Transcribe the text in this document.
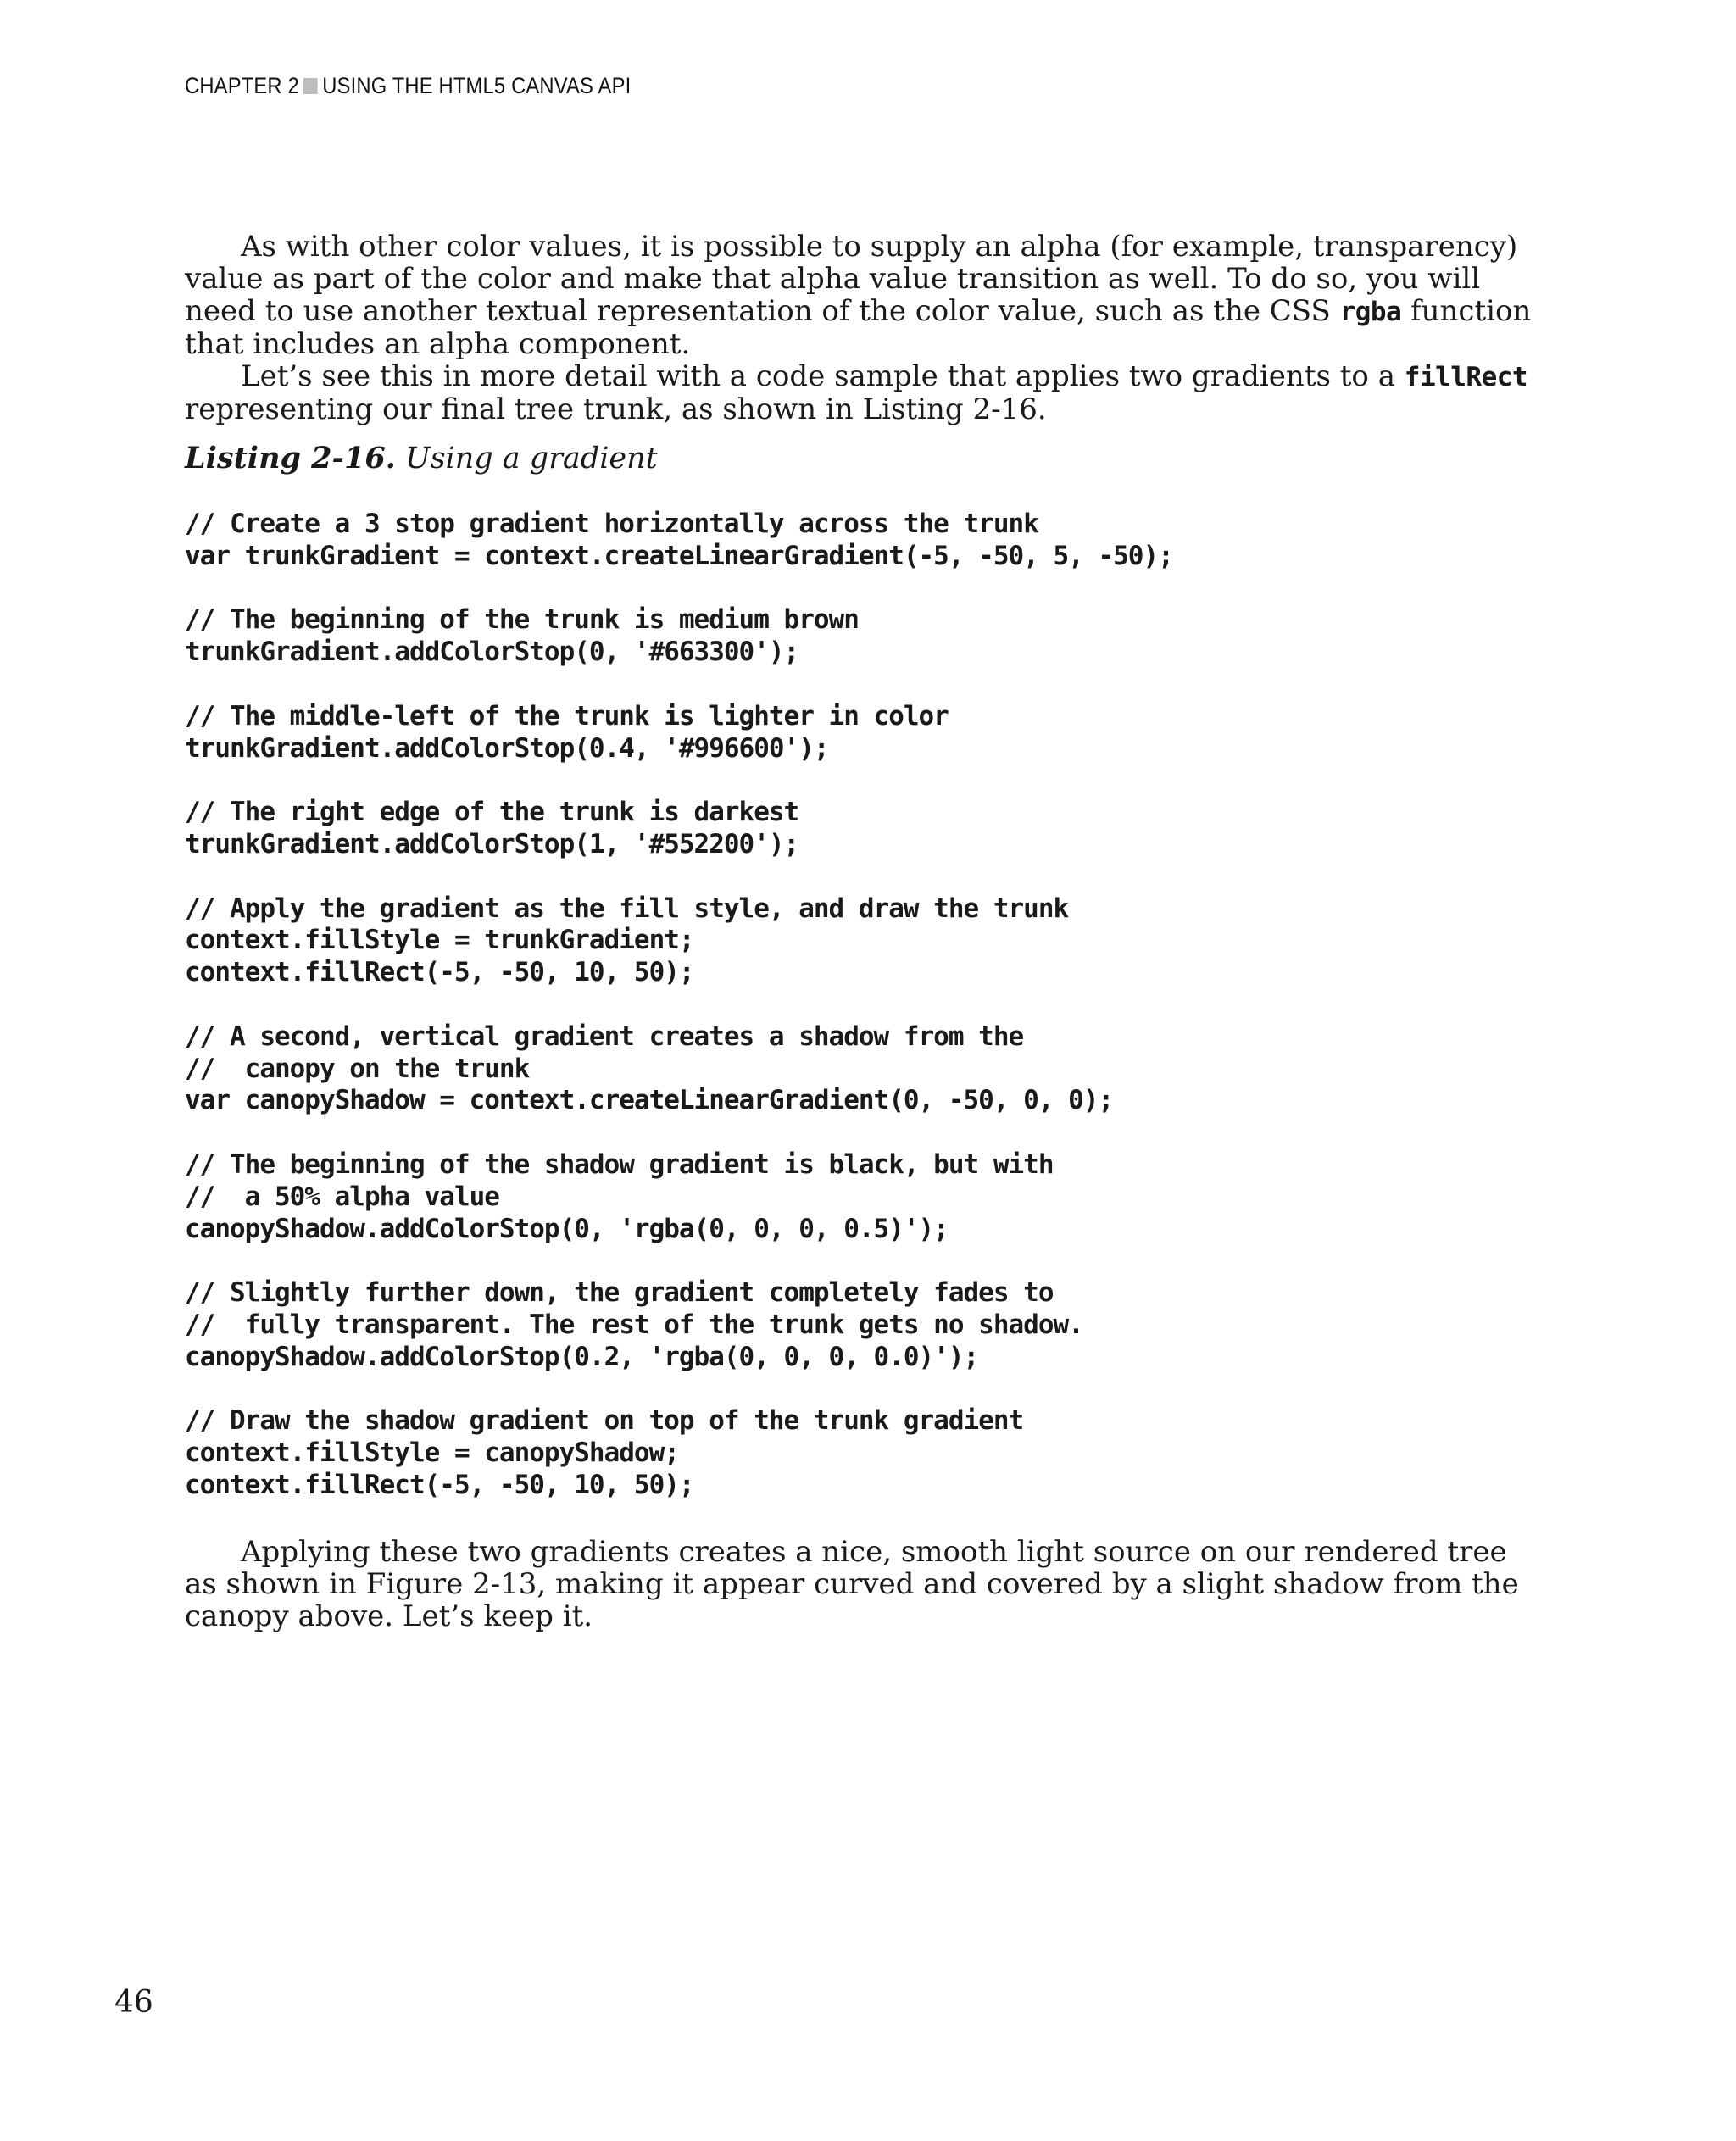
CHAPTER 2 USING THE HTML5 CANVAS API

As with other color values, it is possible to supply an alpha (for example, transparency) value as part of the color and make that alpha value transition as well. To do so, you will need to use another textual representation of the color value, such as the CSS rgba function that includes an alpha component.

Let’s see this in more detail with a code sample that applies two gradients to a fillRect representing our final tree trunk, as shown in Listing 2-16.

Listing 2-16. Using a gradient
// Create a 3 stop gradient horizontally across the trunk
var trunkGradient = context.createLinearGradient(-5, -50, 5, -50);
// The beginning of the trunk is medium brown
trunkGradient.addColorStop(0, '#663300');
// The middle-left of the trunk is lighter in color
trunkGradient.addColorStop(0.4, '#996600');
// The right edge of the trunk is darkest
trunkGradient.addColorStop(1, '#552200');
// Apply the gradient as the fill style, and draw the trunk
context.fillStyle = trunkGradient;
context.fillRect(-5, -50, 10, 50);
// A second, vertical gradient creates a shadow from the
//  canopy on the trunk
var canopyShadow = context.createLinearGradient(0, -50, 0, 0);
// The beginning of the shadow gradient is black, but with
//  a 50% alpha value
canopyShadow.addColorStop(0, 'rgba(0, 0, 0, 0.5)');
// Slightly further down, the gradient completely fades to
//  fully transparent. The rest of the trunk gets no shadow.
canopyShadow.addColorStop(0.2, 'rgba(0, 0, 0, 0.0)');
// Draw the shadow gradient on top of the trunk gradient
context.fillStyle = canopyShadow;
context.fillRect(-5, -50, 10, 50);

Applying these two gradients creates a nice, smooth light source on our rendered tree as shown in Figure 2-13, making it appear curved and covered by a slight shadow from the canopy above. Let’s keep it.

46
